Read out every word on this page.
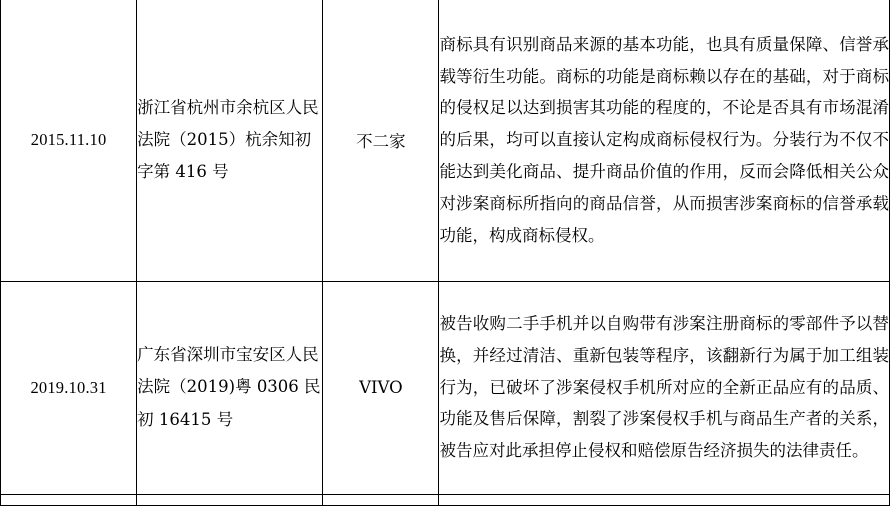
2015.11.10	浙江省杭州市余杭区人民法院（2015）杭余知初字第 416 号	不二家	商标具有识别商品来源的基本功能，也具有质量保障、信誉承载等衍生功能。商标的功能是商标赖以存在的基础，对于商标的侵权足以达到损害其功能的程度的，不论是否具有市场混淆的后果，均可以直接认定构成商标侵权行为。分装行为不仅不能达到美化商品、提升商品价值的作用，反而会降低相关公众对涉案商标所指向的商品信誉，从而损害涉案商标的信誉承载功能，构成商标侵权。
2019.10.31	广东省深圳市宝安区人民法院（2019)粤 0306 民初 16415 号	VIVO	被告收购二手手机并以自购带有涉案注册商标的零部件予以替换，并经过清洁、重新包装等程序，该翻新行为属于加工组装行为，已破坏了涉案侵权手机所对应的全新正品应有的品质、功能及售后保障，割裂了涉案侵权手机与商品生产者的关系，被告应对此承担停止侵权和赔偿原告经济损失的法律责任。
